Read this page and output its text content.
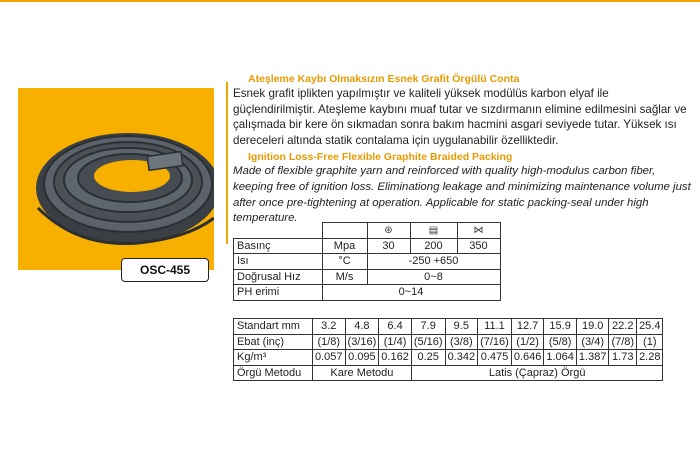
OSC-455
Ateşleme Kaybı Olmaksızın Esnek Grafit Örgülü Conta
Esnek grafit iplikten yapılmıştır ve kaliteli yüksek modülüs karbon elyaf ile güçlendirilmiştir. Ateşleme kaybını muaf tutar ve sızdırmanın elimine edilmesini sağlar ve çalışmada bir kere ön sıkmadan sonra bakım hacmini asgari seviyede tutar. Yüksek ısı dereceleri altında statik contalama için uygulanabilir özelliktedir.
Ignition Loss-Free Flexible Graphite Braided Packing
Made of flexible graphite yarn and reinforced with quality high-modulus carbon fiber, keeping free of ignition loss. Eliminationg leakage and minimizing maintenance volume just after once pre-tightening at operation. Applicable for static packing-seal under high temperature.
		⊛	▤	⋈
Basınç	Mpa	30	200	350
Isı	°C	-250 +650		
Doğrusal Hız	M/s	0~8		
PH erimi	0~14			
Standart mm	3.2	4.8	6.4	7.9	9.5	11.1	12.7	15.9	19.0	22.2	25.4
Ebat (inç)	(1/8)	(3/16)	(1/4)	(5/16)	(3/8)	(7/16)	(1/2)	(5/8)	(3/4)	(7/8)	(1)
Kg/m³	0.057	0.095	0.162	0.25	0.342	0.475	0.646	1.064	1.387	1.73	2.28
Örgü Metodu	Kare Metodu			Latis (Çapraz) Örgü							
